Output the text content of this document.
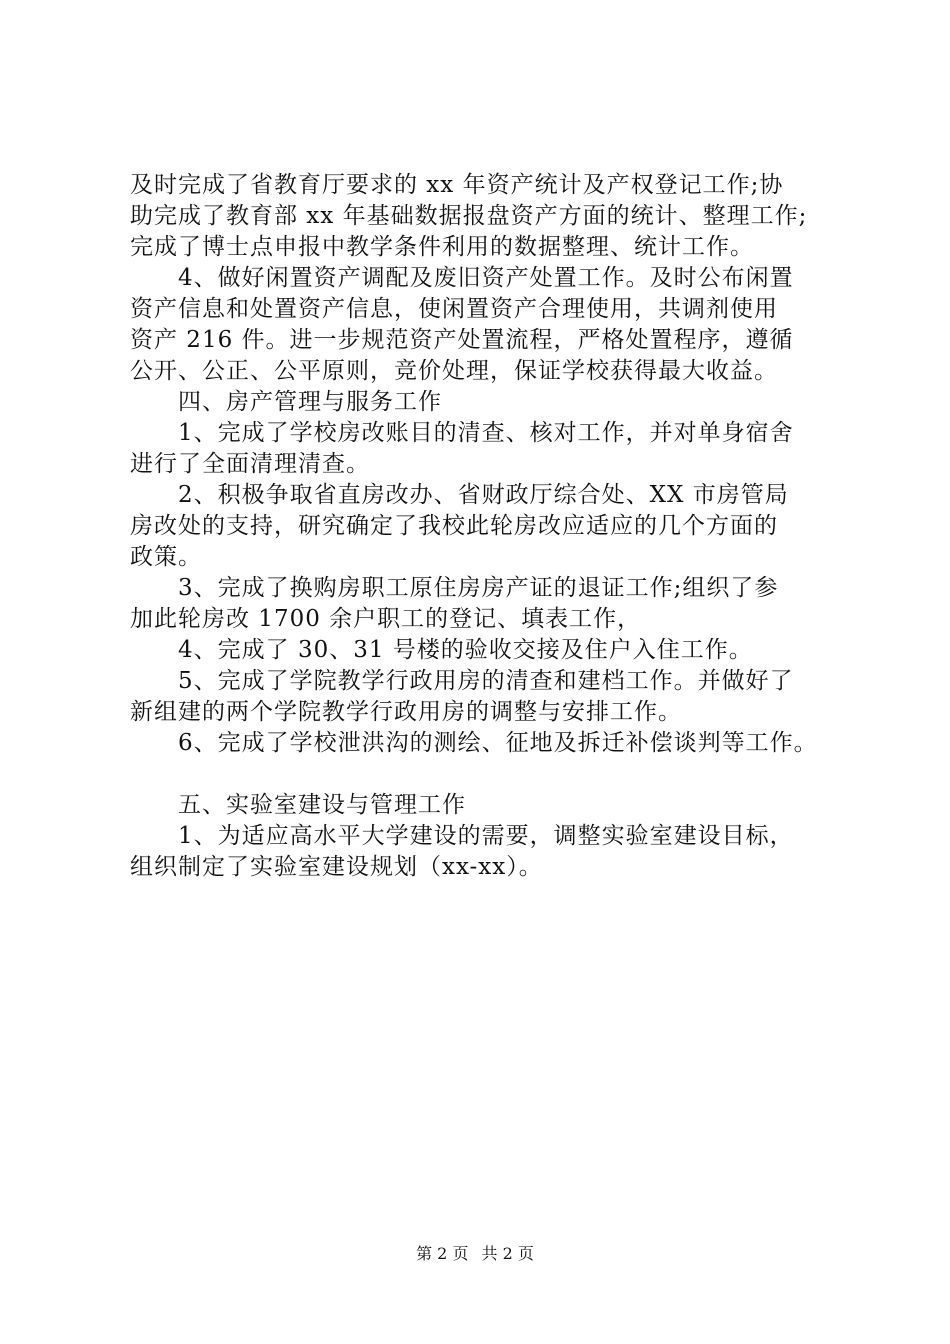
及时完成了省教育厅要求的 xx 年资产统计及产权登记工作;协
助完成了教育部 xx 年基础数据报盘资产方面的统计、整理工作;
完成了博士点申报中教学条件利用的数据整理、统计工作。
4、做好闲置资产调配及废旧资产处置工作。及时公布闲置
资产信息和处置资产信息，使闲置资产合理使用，共调剂使用
资产 216 件。进一步规范资产处置流程，严格处置程序，遵循
公开、公正、公平原则，竞价处理，保证学校获得最大收益。
四、房产管理与服务工作
1、完成了学校房改账目的清查、核对工作，并对单身宿舍
进行了全面清理清查。
2、积极争取省直房改办、省财政厅综合处、XX 市房管局
房改处的支持，研究确定了我校此轮房改应适应的几个方面的
政策。
3、完成了换购房职工原住房房产证的退证工作;组织了参
加此轮房改 1700 余户职工的登记、填表工作，
4、完成了 30、31 号楼的验收交接及住户入住工作。
5、完成了学院教学行政用房的清查和建档工作。并做好了
新组建的两个学院教学行政用房的调整与安排工作。
6、完成了学校泄洪沟的测绘、征地及拆迁补偿谈判等工作。
五、实验室建设与管理工作
1、为适应高水平大学建设的需要，调整实验室建设目标，
组织制定了实验室建设规划（xx-xx）。
第 2 页 共 2 页
